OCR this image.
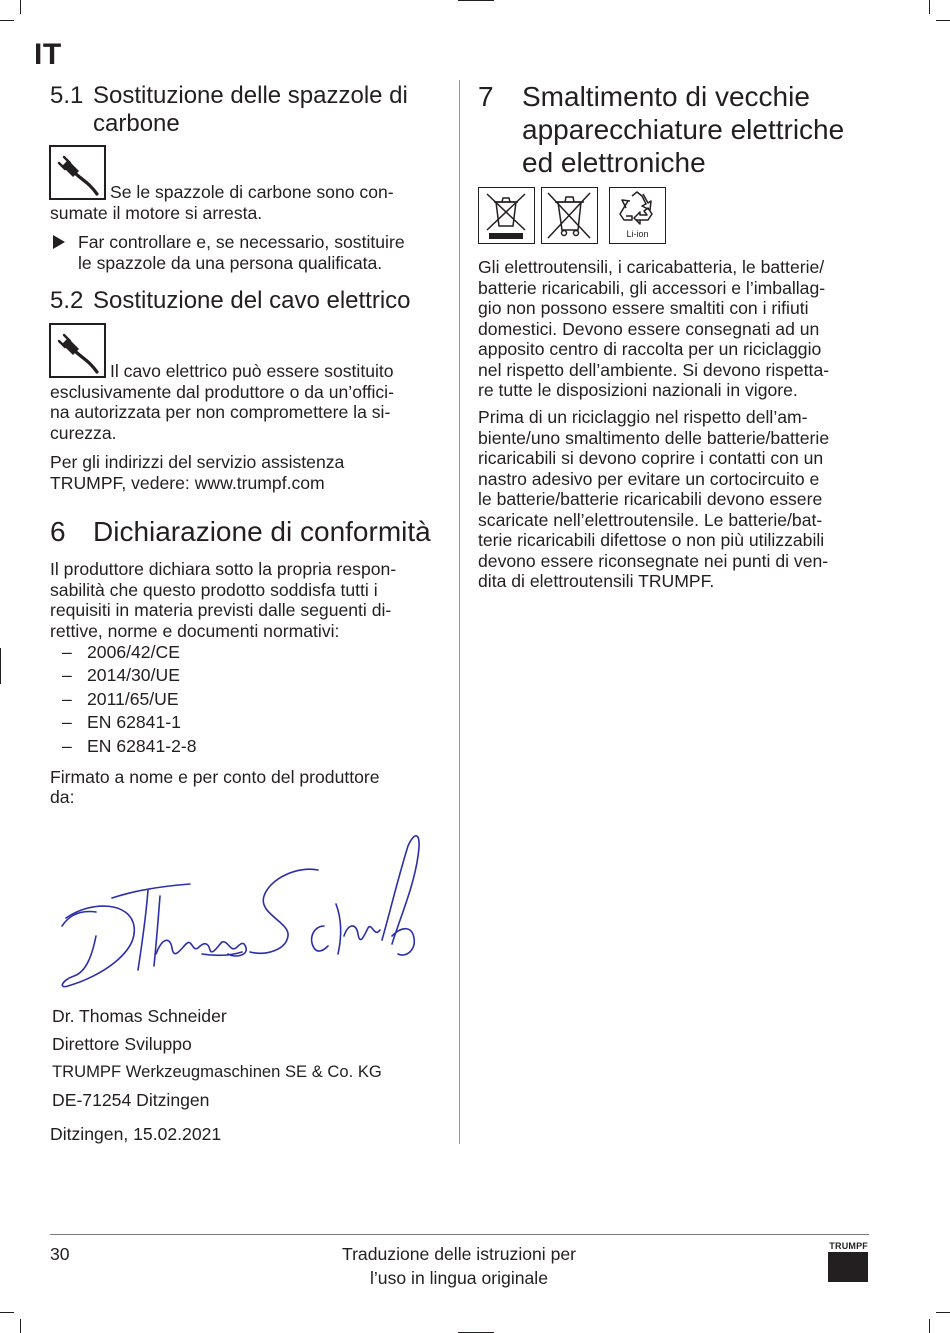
IT
5.1 Sostituzione delle spazzole di
carbone
Se le spazzole di carbone sono con-
sumate il motore si arresta.
Far controllare e, se necessario, sostituire
le spazzole da una persona qualificata.
5.2 Sostituzione del cavo elettrico
Il cavo elettrico può essere sostituito
esclusivamente dal produttore o da un’offici-
na autorizzata per non compromettere la si-
curezza.
Per gli indirizzi del servizio assistenza
TRUMPF, vedere: www.trumpf.com
6 Dichiarazione di conformità
Il produttore dichiara sotto la propria respon-
sabilità che questo prodotto soddisfa tutti i
requisiti in materia previsti dalle seguenti di-
rettive, norme e documenti normativi:
– 2006/42/CE
– 2014/30/UE
– 2011/65/UE
– EN 62841-1
– EN 62841-2-8
Firmato a nome e per conto del produttore
da:
Dr. Thomas Schneider
Direttore Sviluppo
TRUMPF Werkzeugmaschinen SE & Co. KG
DE-71254 Ditzingen
Ditzingen, 15.02.2021
7 Smaltimento di vecchie
apparecchiature elettriche
ed elettroniche
Li-ion
Gli elettroutensili, i caricabatteria, le batterie/
batterie ricaricabili, gli accessori e l’imballag-
gio non possono essere smaltiti con i rifiuti
domestici. Devono essere consegnati ad un
apposito centro di raccolta per un riciclaggio
nel rispetto dell’ambiente. Si devono rispetta-
re tutte le disposizioni nazionali in vigore.
Prima di un riciclaggio nel rispetto dell’am-
biente/uno smaltimento delle batterie/batterie
ricaricabili si devono coprire i contatti con un
nastro adesivo per evitare un cortocircuito e
le batterie/batterie ricaricabili devono essere
scaricate nell’elettroutensile. Le batterie/bat-
terie ricaricabili difettose o non più utilizzabili
devono essere riconsegnate nei punti di ven-
dita di elettroutensili TRUMPF.
30	Traduzione delle istruzioni per
l’uso in lingua originale
TRUMPF
